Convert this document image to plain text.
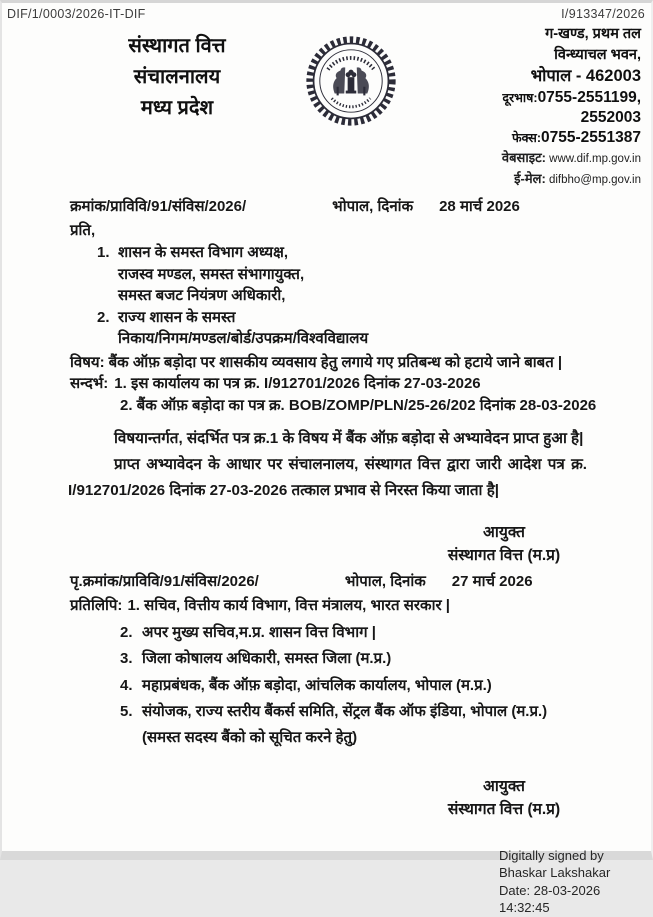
DIF/1/0003/2026-IT-DIF	I/913347/2026
संस्थागत वित्त
संचालनालय
मध्य प्रदेश
ग-खण्ड, प्रथम तल
विन्ध्याचल भवन,
भोपाल - 462003
दूरभाष:0755-2551199,
2552003
फेक्स:0755-2551387
वेबसाइट: www.dif.mp.gov.in
ई-मेल: difbho@mp.gov.in
क्रमांक/प्राविवि/91/संविस/2026/	भोपाल, दिनांक 28 मार्च 2026
प्रति,
1. शासन के समस्त विभाग अध्यक्ष,
राजस्व मण्डल, समस्त संभागायुक्त,
समस्त बजट नियंत्रण अधिकारी,
2. राज्य शासन के समस्त
निकाय/निगम/मण्डल/बोर्ड/उपक्रम/विश्वविद्यालय
विषय: बैंक ऑफ़ बड़ोदा पर शासकीय व्यवसाय हेतु लगाये गए प्रतिबन्ध को हटाये जाने बाबत |
सन्दर्भ: 1. इस कार्यालय का पत्र क्र. I/912701/2026 दिनांक 27-03-2026
2. बैंक ऑफ़ बड़ोदा का पत्र क्र. BOB/ZOMP/PLN/25-26/202 दिनांक 28-03-2026
विषयान्तर्गत, संदर्भित पत्र क्र.1 के विषय में बैंक ऑफ़ बड़ोदा से अभ्यावेदन प्राप्त हुआ है|
प्राप्त अभ्यावेदन के आधार पर संचालनालय, संस्थागत वित्त द्वारा जारी आदेश पत्र क्र. I/912701/2026 दिनांक 27-03-2026 तत्काल प्रभाव से निरस्त किया जाता है|
आयुक्त
संस्थागत वित्त (म.प्र)
पृ.क्रमांक/प्राविवि/91/संविस/2026/	भोपाल, दिनांक 27 मार्च 2026
प्रतिलिपि: 1. सचिव, वित्तीय कार्य विभाग, वित्त मंत्रालय, भारत सरकार |
2. अपर मुख्य सचिव,म.प्र. शासन वित्त विभाग |
3. जिला कोषालय अधिकारी, समस्त जिला (म.प्र.)
4. महाप्रबंधक, बैंक ऑफ़ बड़ोदा, आंचलिक कार्यालय, भोपाल (म.प्र.)
5. संयोजक, राज्य स्तरीय बैंकर्स समिति, सेंट्रल बैंक ऑफ इंडिया, भोपाल (म.प्र.)
(समस्त सदस्य बैंको को सूचित करने हेतु)
आयुक्त
संस्थागत वित्त (म.प्र)
Digitally signed by
Bhaskar Lakshakar
Date: 28-03-2026
14:32:45
